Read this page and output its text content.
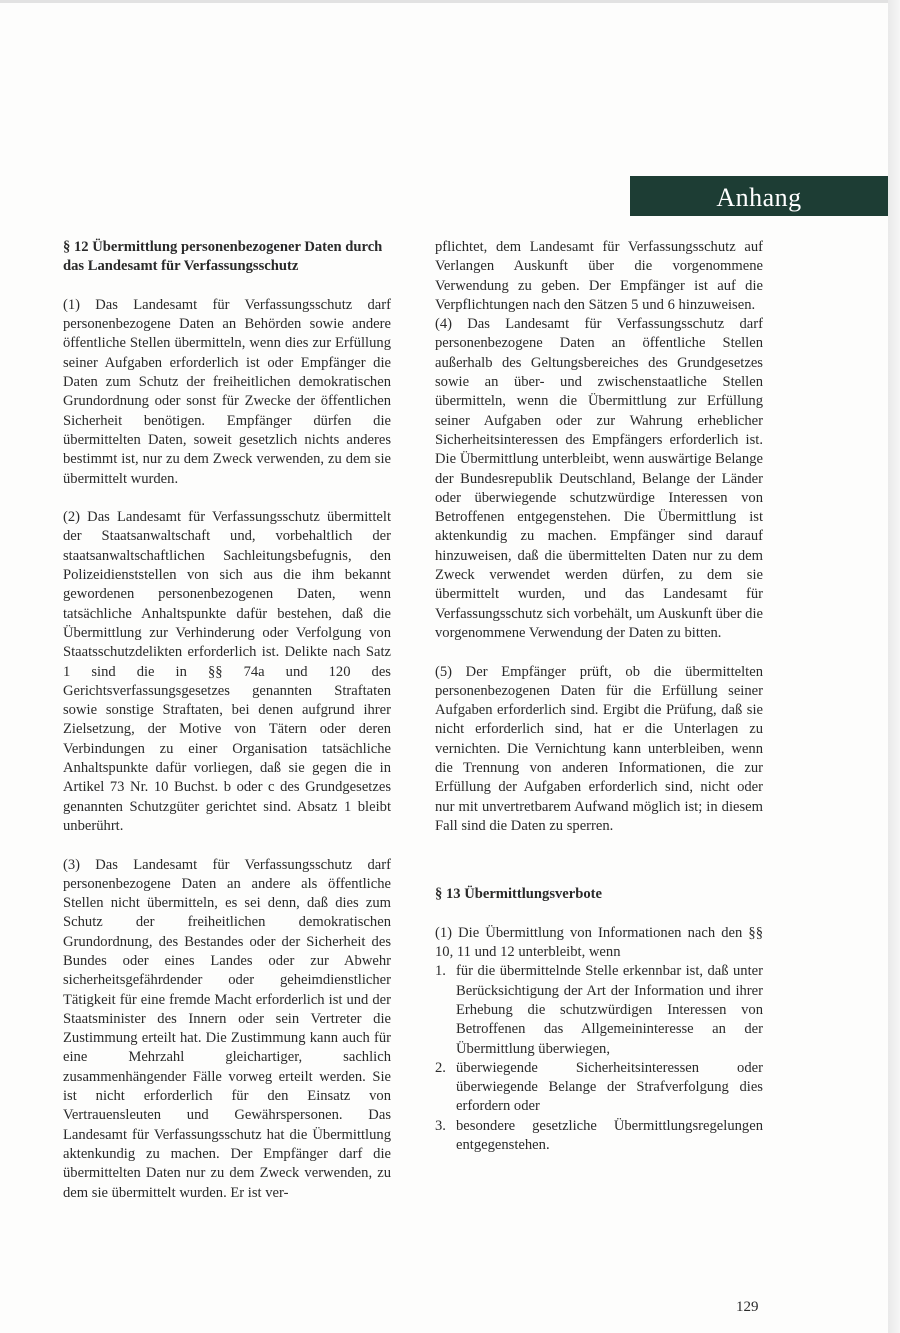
Anhang

§ 12 Übermittlung personenbezogener Daten durch das Landesamt für Verfassungsschutz

(1) Das Landesamt für Verfassungsschutz darf personenbezogene Daten an Behörden sowie andere öffentliche Stellen übermitteln, wenn dies zur Erfüllung seiner Aufgaben erforderlich ist oder Empfänger die Daten zum Schutz der freiheitlichen demokratischen Grundordnung oder sonst für Zwecke der öffentlichen Sicherheit benötigen. Empfänger dürfen die übermittelten Daten, soweit gesetzlich nichts anderes bestimmt ist, nur zu dem Zweck verwenden, zu dem sie übermittelt wurden.

(2) Das Landesamt für Verfassungsschutz übermittelt der Staatsanwaltschaft und, vorbehaltlich der staatsanwaltschaftlichen Sachleitungsbefugnis, den Polizeidienststellen von sich aus die ihm bekannt gewordenen personenbezogenen Daten, wenn tatsächliche Anhaltspunkte dafür bestehen, daß die Übermittlung zur Verhinderung oder Verfolgung von Staatsschutzdelikten erforderlich ist. Delikte nach Satz 1 sind die in §§ 74a und 120 des Gerichtsverfassungsgesetzes genannten Straftaten sowie sonstige Straftaten, bei denen aufgrund ihrer Zielsetzung, der Motive von Tätern oder deren Verbindungen zu einer Organisation tatsächliche Anhaltspunkte dafür vorliegen, daß sie gegen die in Artikel 73 Nr. 10 Buchst. b oder c des Grundgesetzes genannten Schutzgüter gerichtet sind. Absatz 1 bleibt unberührt.

(3) Das Landesamt für Verfassungsschutz darf personenbezogene Daten an andere als öffentliche Stellen nicht übermitteln, es sei denn, daß dies zum Schutz der freiheitlichen demokratischen Grundordnung, des Bestandes oder der Sicherheit des Bundes oder eines Landes oder zur Abwehr sicherheitsgefährdender oder geheimdienstlicher Tätigkeit für eine fremde Macht erforderlich ist und der Staatsminister des Innern oder sein Vertreter die Zustimmung erteilt hat. Die Zustimmung kann auch für eine Mehrzahl gleichartiger, sachlich zusammenhängender Fälle vorweg erteilt werden. Sie ist nicht erforderlich für den Einsatz von Vertrauensleuten und Gewährspersonen. Das Landesamt für Verfassungsschutz hat die Übermittlung aktenkundig zu machen. Der Empfänger darf die übermittelten Daten nur zu dem Zweck verwenden, zu dem sie übermittelt wurden. Er ist ver-

pflichtet, dem Landesamt für Verfassungsschutz auf Verlangen Auskunft über die vorgenommene Verwendung zu geben. Der Empfänger ist auf die Verpflichtungen nach den Sätzen 5 und 6 hinzuweisen.

(4) Das Landesamt für Verfassungsschutz darf personenbezogene Daten an öffentliche Stellen außerhalb des Geltungsbereiches des Grundgesetzes sowie an über- und zwischenstaatliche Stellen übermitteln, wenn die Übermittlung zur Erfüllung seiner Aufgaben oder zur Wahrung erheblicher Sicherheitsinteressen des Empfängers erforderlich ist. Die Übermittlung unterbleibt, wenn auswärtige Belange der Bundesrepublik Deutschland, Belange der Länder oder überwiegende schutzwürdige Interessen von Betroffenen entgegenstehen. Die Übermittlung ist aktenkundig zu machen. Empfänger sind darauf hinzuweisen, daß die übermittelten Daten nur zu dem Zweck verwendet werden dürfen, zu dem sie übermittelt wurden, und das Landesamt für Verfassungsschutz sich vorbehält, um Auskunft über die vorgenommene Verwendung der Daten zu bitten.

(5) Der Empfänger prüft, ob die übermittelten personenbezogenen Daten für die Erfüllung seiner Aufgaben erforderlich sind. Ergibt die Prüfung, daß sie nicht erforderlich sind, hat er die Unterlagen zu vernichten. Die Vernichtung kann unterbleiben, wenn die Trennung von anderen Informationen, die zur Erfüllung der Aufgaben erforderlich sind, nicht oder nur mit unvertretbarem Aufwand möglich ist; in diesem Fall sind die Daten zu sperren.

§ 13 Übermittlungsverbote

(1) Die Übermittlung von Informationen nach den §§ 10, 11 und 12 unterbleibt, wenn

1. für die übermittelnde Stelle erkennbar ist, daß unter Berücksichtigung der Art der Information und ihrer Erhebung die schutzwürdigen Interessen von Betroffenen das Allgemeininteresse an der Übermittlung überwiegen,
2. überwiegende Sicherheitsinteressen oder überwiegende Belange der Strafverfolgung dies erfordern oder
3. besondere gesetzliche Übermittlungsregelungen entgegenstehen.
129
